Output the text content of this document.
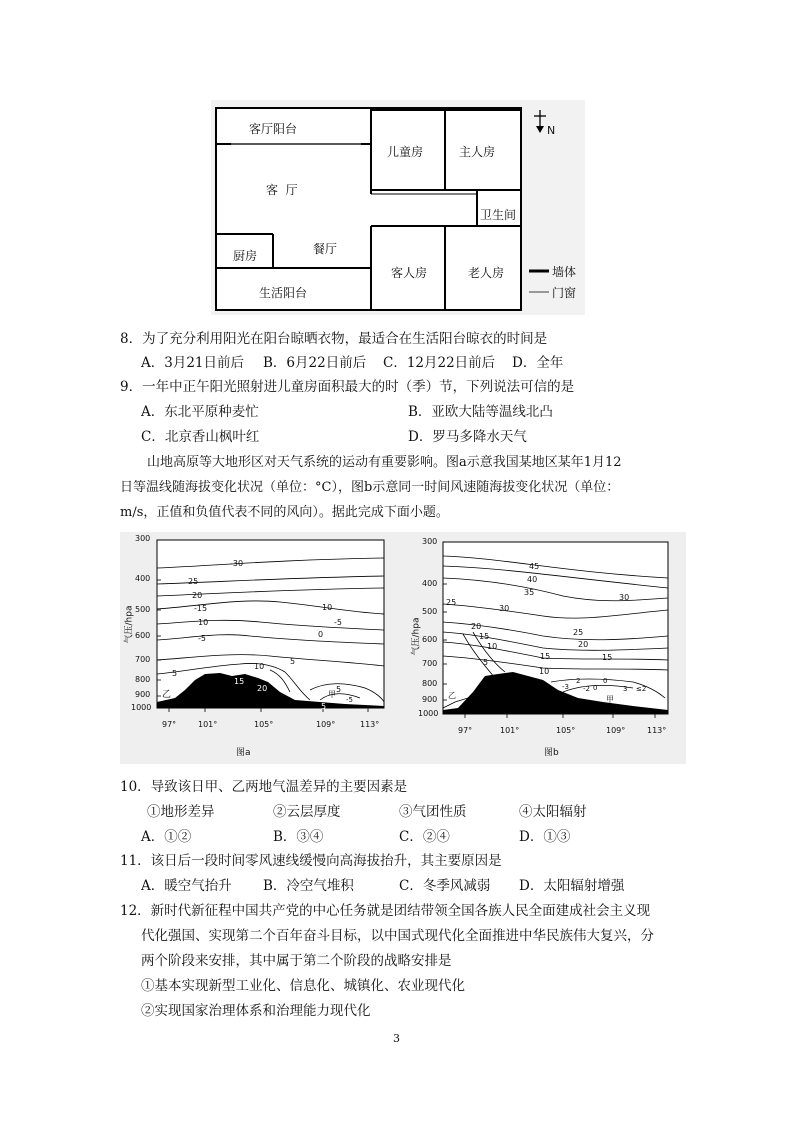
客厅阳台
客  厅
儿童房	主人房
卫生间
厨房	餐厅
客人房	老人房
生活阳台
N
墙体
门窗
8．为了充分利用阳光在阳台晾晒衣物，最适合在生活阳台晾衣的时间是
A．3月21日前后 B．6月22日前后 C．12月22日前后 D．全年
9．一年中正午阳光照射进儿童房面积最大的时（季）节，下列说法可信的是
A．东北平原种麦忙	B．亚欧大陆等温线北凸
C．北京香山枫叶红	D．罗马多降水天气
山地高原等大地形区对天气系统的运动有重要影响。图a示意我国某地区某年1月12
日等温线随海拔变化状况（单位：°C），图b示意同一时间风速随海拔变化状况（单位：
m/s，正值和负值代表不同的风向）。据此完成下面小题。
300
400
500
600
700
800
900
1000
气压/hpa
97°	101°	105°	109°	113°
图a
-30
25
20
-15
10
-5
10
-5
0
5
5
10
15
20	5
-5
5
乙	甲
300
400
500
600
700
800
900
1000
气压/hpa
97°	101°	105°	109°	113°
图b
45
40
35
30
30
25
25
20
20
15
15	15
10
10
5
2	0
0
-2
-3	3 ≤2
乙	甲
10．导致该日甲、乙两地气温差异的主要因素是
①地形差异	②云层厚度	③气团性质	④太阳辐射
A．①②	B．③④	C．②④	D．①③
11．该日后一段时间零风速线缓慢向高海拔抬升，其主要原因是
A．暖空气抬升 B．冷空气堆积	C．冬季风减弱 D．太阳辐射增强
12．新时代新征程中国共产党的中心任务就是团结带领全国各族人民全面建成社会主义现
代化强国、实现第二个百年奋斗目标，以中国式现代化全面推进中华民族伟大复兴，分
两个阶段来安排，其中属于第二个阶段的战略安排是
①基本实现新型工业化、信息化、城镇化、农业现代化
②实现国家治理体系和治理能力现代化
3
